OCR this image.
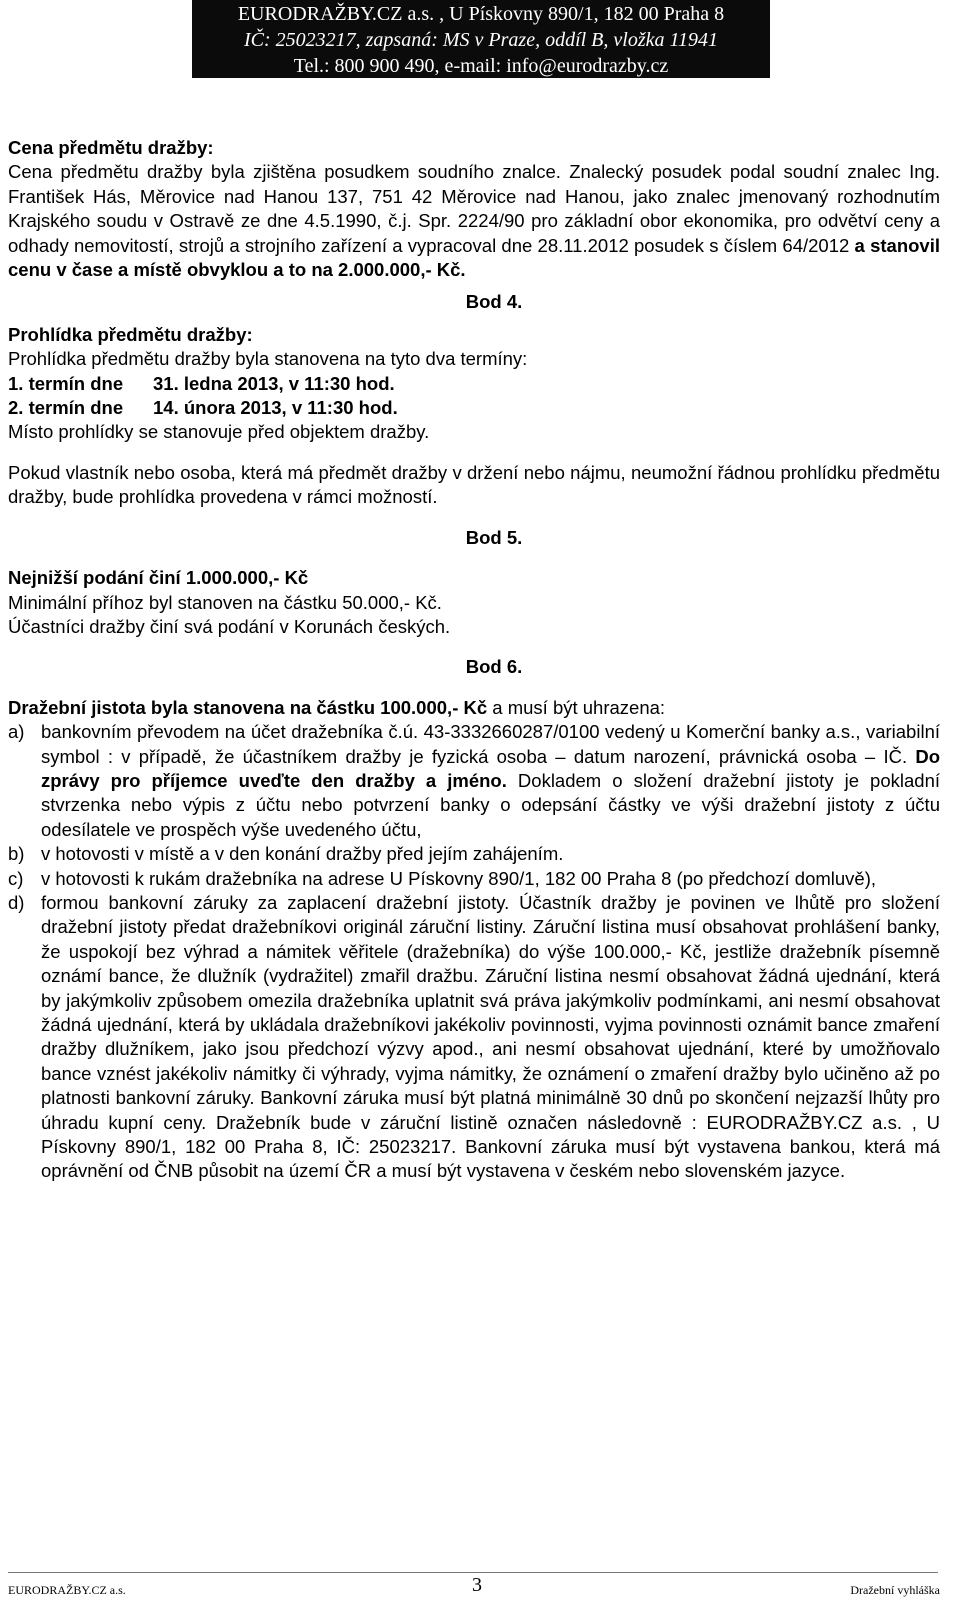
EURODRAŽBY.CZ a.s. , U Pískovny 890/1, 182 00 Praha 8
IČ: 25023217, zapsaná: MS v Praze, oddíl B, vložka 11941
Tel.: 800 900 490, e-mail: info@eurodrazby.cz
Cena předmětu dražby:

Cena předmětu dražby byla zjištěna posudkem soudního znalce. Znalecký posudek podal soudní znalec Ing. František Hás, Měrovice nad Hanou 137, 751 42 Měrovice nad Hanou, jako znalec jmenovaný rozhodnutím Krajského soudu v Ostravě ze dne 4.5.1990, č.j. Spr. 2224/90 pro základní obor ekonomika, pro odvětví ceny a odhady nemovitostí, strojů a strojního zařízení a vypracoval dne 28.11.2012 posudek s číslem 64/2012 a stanovil cenu v čase a místě obvyklou a to na 2.000.000,- Kč.

Bod 4.
Prohlídka předmětu dražby:
Prohlídka předmětu dražby byla stanovena na tyto dva termíny:
1. termín dne	31. ledna 2013, v 11:30 hod.
2. termín dne	14. února 2013, v 11:30 hod.
Místo prohlídky se stanovuje před objektem dražby.

Pokud vlastník nebo osoba, která má předmět dražby v držení nebo nájmu, neumožní řádnou prohlídku předmětu dražby, bude prohlídka provedena v rámci možností.

Bod 5.
Nejnižší podání činí 1.000.000,- Kč
Minimální příhoz byl stanoven na částku 50.000,- Kč.
Účastníci dražby činí svá podání v Korunách českých.
Bod 6.
Dražební jistota byla stanovena na částku 100.000,- Kč a musí být uhrazena:
a) bankovním převodem na účet dražebníka č.ú. 43-3332660287/0100 vedený u Komerční banky a.s., variabilní symbol : v případě, že účastníkem dražby je fyzická osoba – datum narození, právnická osoba – IČ. Do zprávy pro příjemce uveďte den dražby a jméno. Dokladem o složení dražební jistoty je pokladní stvrzenka nebo výpis z účtu nebo potvrzení banky o odepsání částky ve výši dražební jistoty z účtu odesílatele ve prospěch výše uvedeného účtu,
b) v hotovosti v místě a v den konání dražby před jejím zahájením.
c) v hotovosti k rukám dražebníka na adrese U Pískovny 890/1, 182 00 Praha 8 (po předchozí domluvě),
d) formou bankovní záruky za zaplacení dražební jistoty. Účastník dražby je povinen ve lhůtě pro složení dražební jistoty předat dražebníkovi originál záruční listiny. Záruční listina musí obsahovat prohlášení banky, že uspokojí bez výhrad a námitek věřitele (dražebníka) do výše 100.000,- Kč, jestliže dražebník písemně oznámí bance, že dlužník (vydražitel) zmařil dražbu. Záruční listina nesmí obsahovat žádná ujednání, která by jakýmkoliv způsobem omezila dražebníka uplatnit svá práva jakýmkoliv podmínkami, ani nesmí obsahovat žádná ujednání, která by ukládala dražebníkovi jakékoliv povinnosti, vyjma povinnosti oznámit bance zmaření dražby dlužníkem, jako jsou předchozí výzvy apod., ani nesmí obsahovat ujednání, které by umožňovalo bance vznést jakékoliv námitky či výhrady, vyjma námitky, že oznámení o zmaření dražby bylo učiněno až po platnosti bankovní záruky. Bankovní záruka musí být platná minimálně 30 dnů po skončení nejzazší lhůty pro úhradu kupní ceny. Dražebník bude v záruční listině označen následovně : EURODRAŽBY.CZ a.s. , U Pískovny 890/1, 182 00 Praha 8, IČ: 25023217. Bankovní záruka musí být vystavena bankou, která má oprávnění od ČNB působit na území ČR a musí být vystavena v českém nebo slovenském jazyce.
EURODRAŽBY.CZ a.s.	3	Dražební vyhláška
